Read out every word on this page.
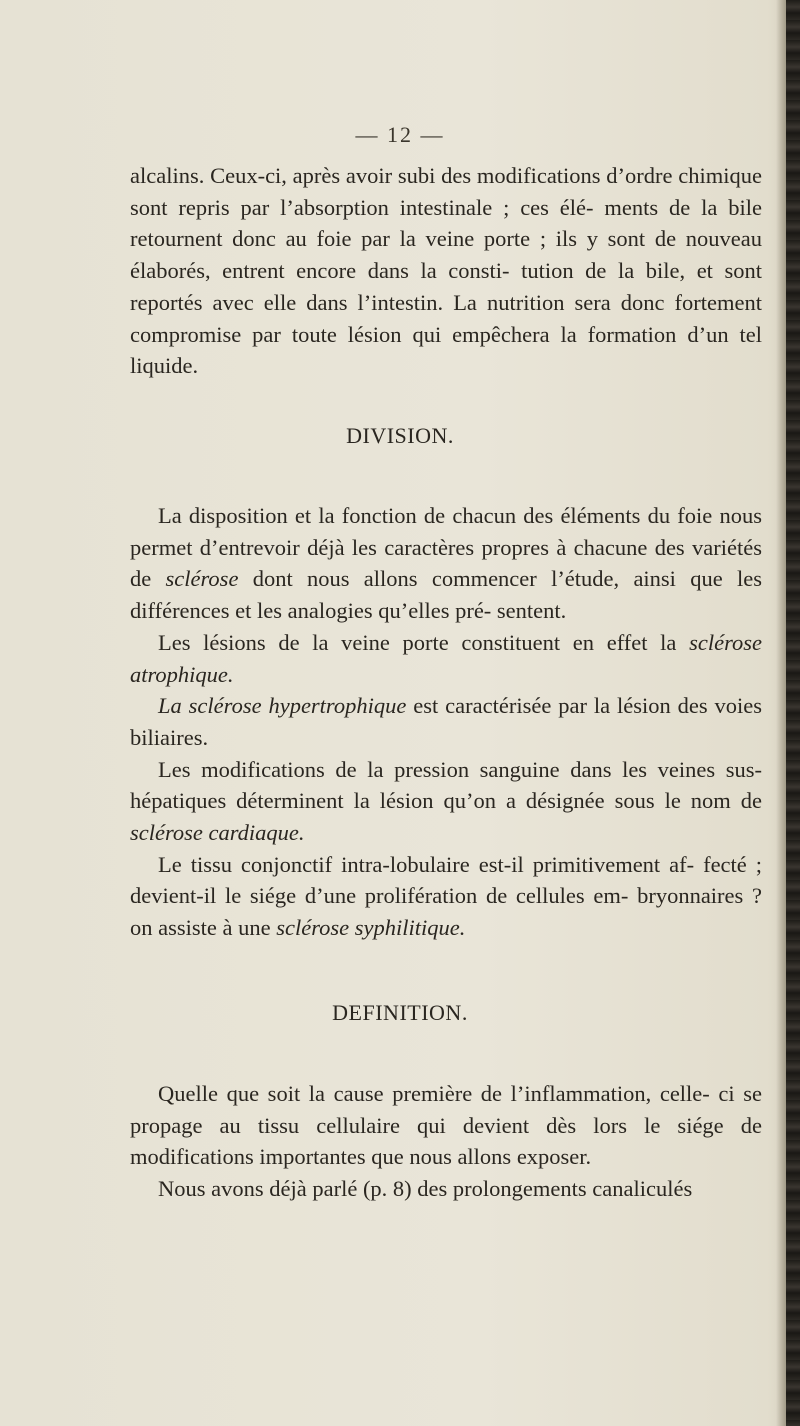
— 12 —

alcalins. Ceux-ci, après avoir subi des modifications d’ordre chimique sont repris par l’absorption intestinale ; ces élé- ments de la bile retournent donc au foie par la veine porte ; ils y sont de nouveau élaborés, entrent encore dans la consti- tution de la bile, et sont reportés avec elle dans l’intestin. La nutrition sera donc fortement compromise par toute lésion qui empêchera la formation d’un tel liquide.

DIVISION.

La disposition et la fonction de chacun des éléments du foie nous permet d’entrevoir déjà les caractères propres à chacune des variétés de sclérose dont nous allons commencer l’étude, ainsi que les différences et les analogies qu’elles pré- sentent.

Les lésions de la veine porte constituent en effet la sclérose atrophique.

La sclérose hypertrophique est caractérisée par la lésion des voies biliaires.

Les modifications de la pression sanguine dans les veines sus-hépatiques déterminent la lésion qu’on a désignée sous le nom de sclérose cardiaque.

Le tissu conjonctif intra-lobulaire est-il primitivement af- fecté ; devient-il le siége d’une prolifération de cellules em- bryonnaires ? on assiste à une sclérose syphilitique.

DEFINITION.

Quelle que soit la cause première de l’inflammation, celle- ci se propage au tissu cellulaire qui devient dès lors le siége de modifications importantes que nous allons exposer.

Nous avons déjà parlé (p. 8) des prolongements canaliculés
